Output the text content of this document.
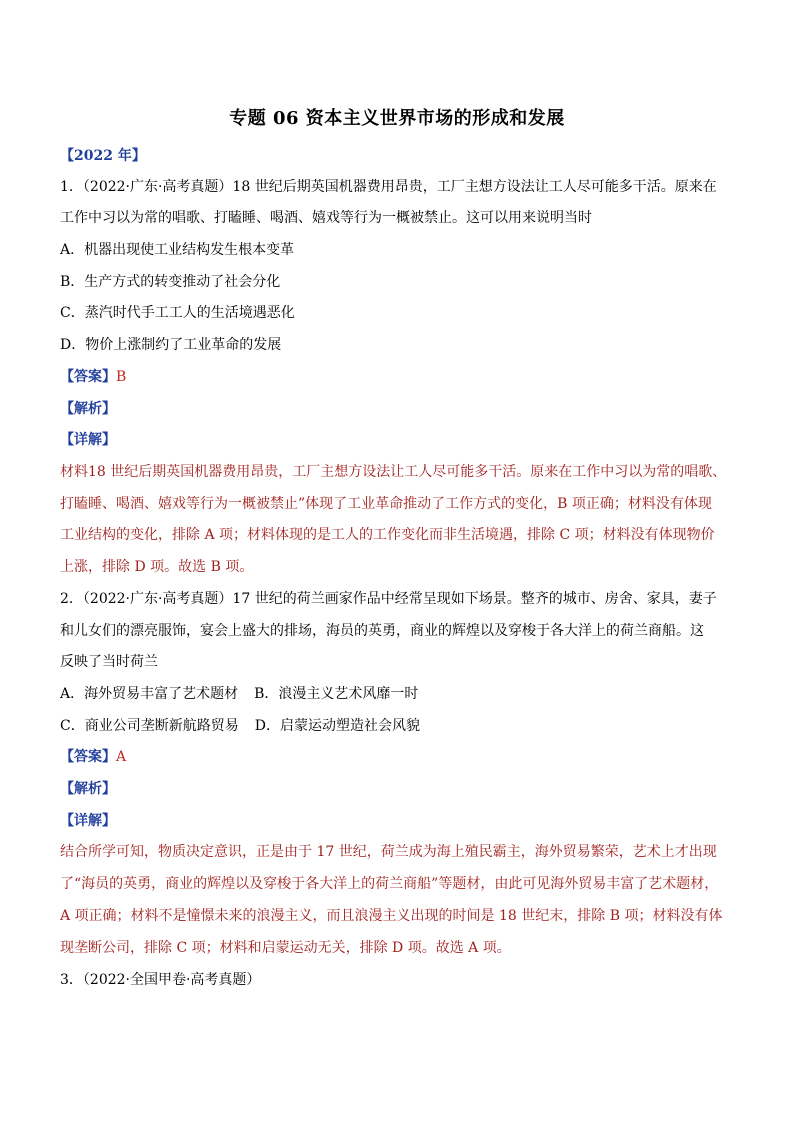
专题 06 资本主义世界市场的形成和发展
【2022 年】
1．（2022·广东·高考真题）18 世纪后期英国机器费用昂贵，工厂主想方设法让工人尽可能多干活。原来在
工作中习以为常的唱歌、打瞌睡、喝酒、嬉戏等行为一概被禁止。这可以用来说明当时
A．机器出现使工业结构发生根本变革
B．生产方式的转变推动了社会分化
C．蒸汽时代手工工人的生活境遇恶化
D．物价上涨制约了工业革命的发展
【答案】B
【解析】
【详解】
材料18 世纪后期英国机器费用昂贵，工厂主想方设法让工人尽可能多干活。原来在工作中习以为常的唱歌、
打瞌睡、喝酒、嬉戏等行为一概被禁止”体现了工业革命推动了工作方式的变化，B 项正确；材料没有体现
工业结构的变化，排除 A 项；材料体现的是工人的工作变化而非生活境遇，排除 C 项；材料没有体现物价
上涨，排除 D 项。故选 B 项。
2．（2022·广东·高考真题）17 世纪的荷兰画家作品中经常呈现如下场景。整齐的城市、房舍、家具，妻子
和儿女们的漂亮服饰，宴会上盛大的排场，海员的英勇，商业的辉煌以及穿梭于各大洋上的荷兰商船。这
反映了当时荷兰
A．海外贸易丰富了艺术题材 B．浪漫主义艺术风靡一时
C．商业公司垄断新航路贸易 D．启蒙运动塑造社会风貌
【答案】A
【解析】
【详解】
结合所学可知，物质决定意识，正是由于 17 世纪，荷兰成为海上殖民霸主，海外贸易繁荣，艺术上才出现
了“海员的英勇，商业的辉煌以及穿梭于各大洋上的荷兰商船”等题材，由此可见海外贸易丰富了艺术题材，
A 项正确；材料不是憧憬未来的浪漫主义，而且浪漫主义出现的时间是 18 世纪末，排除 B 项；材料没有体
现垄断公司，排除 C 项；材料和启蒙运动无关，排除 D 项。故选 A 项。
3．（2022·全国甲卷·高考真题）
